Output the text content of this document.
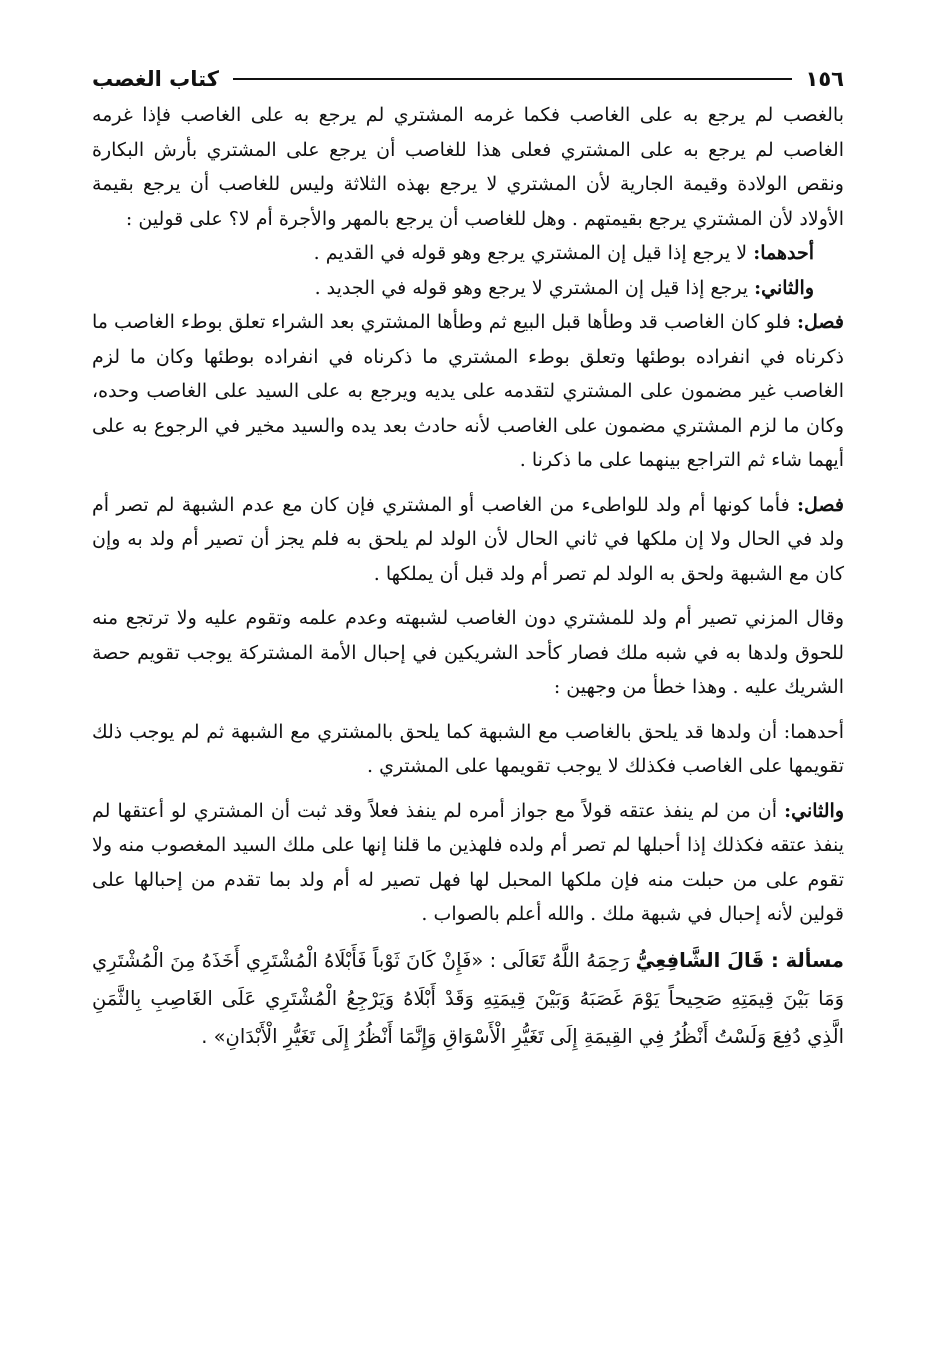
١٥٦
كتاب الغصب

بالغصب لم يرجع به على الغاصب فكما غرمه المشتري لم يرجع به على الغاصب فإذا غرمه الغاصب لم يرجع به على المشتري فعلى هذا للغاصب أن يرجع على المشتري بأرش البكارة ونقص الولادة وقيمة الجارية لأن المشتري لا يرجع بهذه الثلاثة وليس للغاصب أن يرجع بقيمة الأولاد لأن المشتري يرجع بقيمتهم . وهل للغاصب أن يرجع بالمهر والأجرة أم لا؟ على قولين :

أحدهما: لا يرجع إذا قيل إن المشتري يرجع وهو قوله في القديم .

والثاني: يرجع إذا قيل إن المشتري لا يرجع وهو قوله في الجديد .

فصل: فلو كان الغاصب قد وطأها قبل البيع ثم وطأها المشتري بعد الشراء تعلق بوطء الغاصب ما ذكرناه في انفراده بوطئها وتعلق بوطء المشتري ما ذكرناه في انفراده بوطئها وكان ما لزم الغاصب غير مضمون على المشتري لتقدمه على يديه ويرجع به على السيد على الغاصب وحده، وكان ما لزم المشتري مضمون على الغاصب لأنه حادث بعد يده والسيد مخير في الرجوع به على أيهما شاء ثم التراجع بينهما على ما ذكرنا .

فصل: فأما كونها أم ولد للواطىء من الغاصب أو المشتري فإن كان مع عدم الشبهة لم تصر أم ولد في الحال ولا إن ملكها في ثاني الحال لأن الولد لم يلحق به فلم يجز أن تصير أم ولد به وإن كان مع الشبهة ولحق به الولد لم تصر أم ولد قبل أن يملكها .

وقال المزني تصير أم ولد للمشتري دون الغاصب لشبهته وعدم علمه وتقوم عليه ولا ترتجع منه للحوق ولدها به في شبه ملك فصار كأحد الشريكين في إحبال الأمة المشتركة يوجب تقويم حصة الشريك عليه . وهذا خطأ من وجهين :

أحدهما: أن ولدها قد يلحق بالغاصب مع الشبهة كما يلحق بالمشتري مع الشبهة ثم لم يوجب ذلك تقويمها على الغاصب فكذلك لا يوجب تقويمها على المشتري .

والثاني: أن من لم ينفذ عتقه قولاً مع جواز أمره لم ينفذ فعلاً وقد ثبت أن المشتري لو أعتقها لم ينفذ عتقه فكذلك إذا أحبلها لم تصر أم ولده فلهذين ما قلنا إنها على ملك السيد المغصوب منه ولا تقوم على من حبلت منه فإن ملكها المحبل لها فهل تصير له أم ولد بما تقدم من إحبالها على قولين لأنه إحبال في شبهة ملك . والله أعلم بالصواب .

مسألة : قَالَ الشَّافِعِيُّ رَحِمَهُ اللَّهُ تَعَالَى : «فَإِنْ كَانَ ثَوْباً فَأَبْلَاهُ الْمُشْتَرِي أَخَذَهُ مِنَ الْمُشْتَرِي وَمَا بَيْنَ قِيمَتِهِ صَحِيحاً يَوْمَ غَصَبَهُ وَبَيْنَ قِيمَتِهِ وَقَدْ أَبْلَاهُ وَيَرْجِعُ الْمُشْتَرِي عَلَى الغَاصِبِ بِالثَّمَنِ الَّذِي دُفِعَ وَلَسْتُ أَنْظُرُ فِي القِيمَةِ إِلَى تَغَيُّرِ الْأَسْوَاقِ وَإِنَّمَا أَنْظُرُ إِلَى تَغَيُّرِ الْأَبْدَانِ» .
